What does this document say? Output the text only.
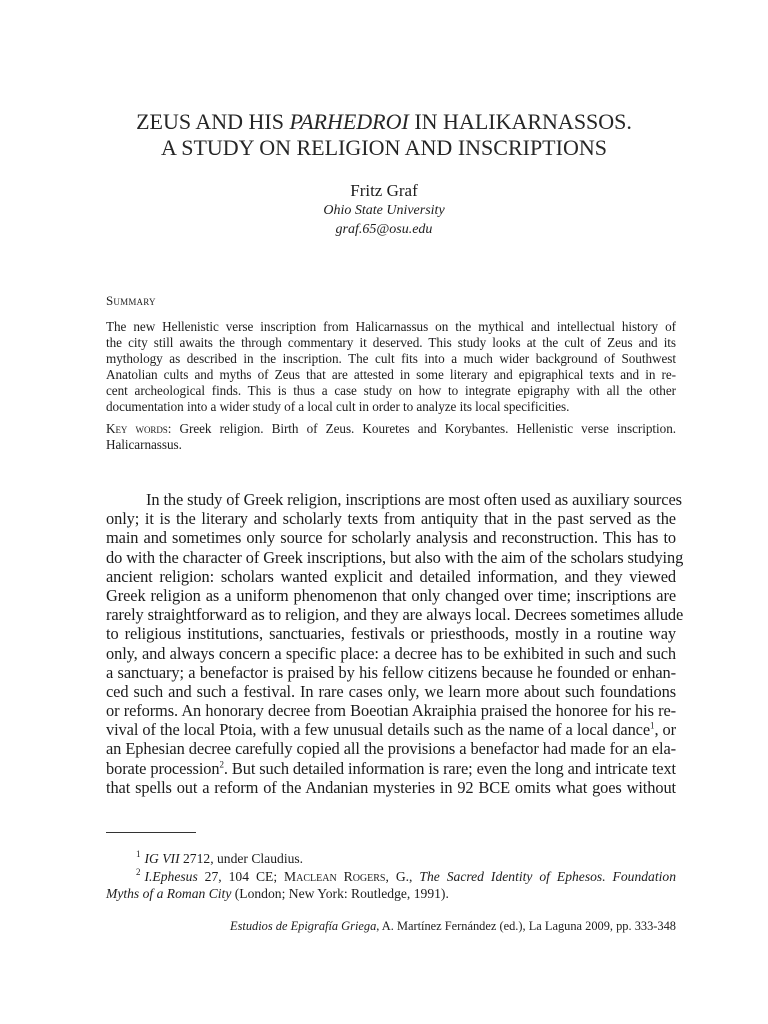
ZEUS AND HIS PARHEDROI IN HALIKARNASSOS.
A STUDY ON RELIGION AND INSCRIPTIONS
Fritz Graf
Ohio State University
graf.65@osu.edu
Summary
The new Hellenistic verse inscription from Halicarnassus on the mythical and intellectual history of
the city still awaits the through commentary it deserved. This study looks at the cult of Zeus and its
mythology as described in the inscription. The cult fits into a much wider background of Southwest
Anatolian cults and myths of Zeus that are attested in some literary and epigraphical texts and in re-
cent archeological finds. This is thus a case study on how to integrate epigraphy with all the other
documentation into a wider study of a local cult in order to analyze its local specificities.
Key words: Greek religion. Birth of Zeus. Kouretes and Korybantes. Hellenistic verse inscription.
Halicarnassus.
In the study of Greek religion, inscriptions are most often used as auxiliary sources
only; it is the literary and scholarly texts from antiquity that in the past served as the
main and sometimes only source for scholarly analysis and reconstruction. This has to
do with the character of Greek inscriptions, but also with the aim of the scholars studying
ancient religion: scholars wanted explicit and detailed information, and they viewed
Greek religion as a uniform phenomenon that only changed over time; inscriptions are
rarely straightforward as to religion, and they are always local. Decrees sometimes allude
to religious institutions, sanctuaries, festivals or priesthoods, mostly in a routine way
only, and always concern a specific place: a decree has to be exhibited in such and such
a sanctuary; a benefactor is praised by his fellow citizens because he founded or enhan-
ced such and such a festival. In rare cases only, we learn more about such foundations
or reforms. An honorary decree from Boeotian Akraiphia praised the honoree for his re-
vival of the local Ptoia, with a few unusual details such as the name of a local dance$^1$, or
an Ephesian decree carefully copied all the provisions a benefactor had made for an ela-
borate procession$^2$. But such detailed information is rare; even the long and intricate text
that spells out a reform of the Andanian mysteries in 92 BCE omits what goes without
$^1$ IG VII 2712, under Claudius.
$^2$ I.Ephesus 27, 104 CE; Maclean Rogers, G., The Sacred Identity of Ephesos. Foundation
Myths of a Roman City (London; New York: Routledge, 1991).
Estudios de Epigrafía Griega, A. Martínez Fernández (ed.), La Laguna 2009, pp. 333-348
